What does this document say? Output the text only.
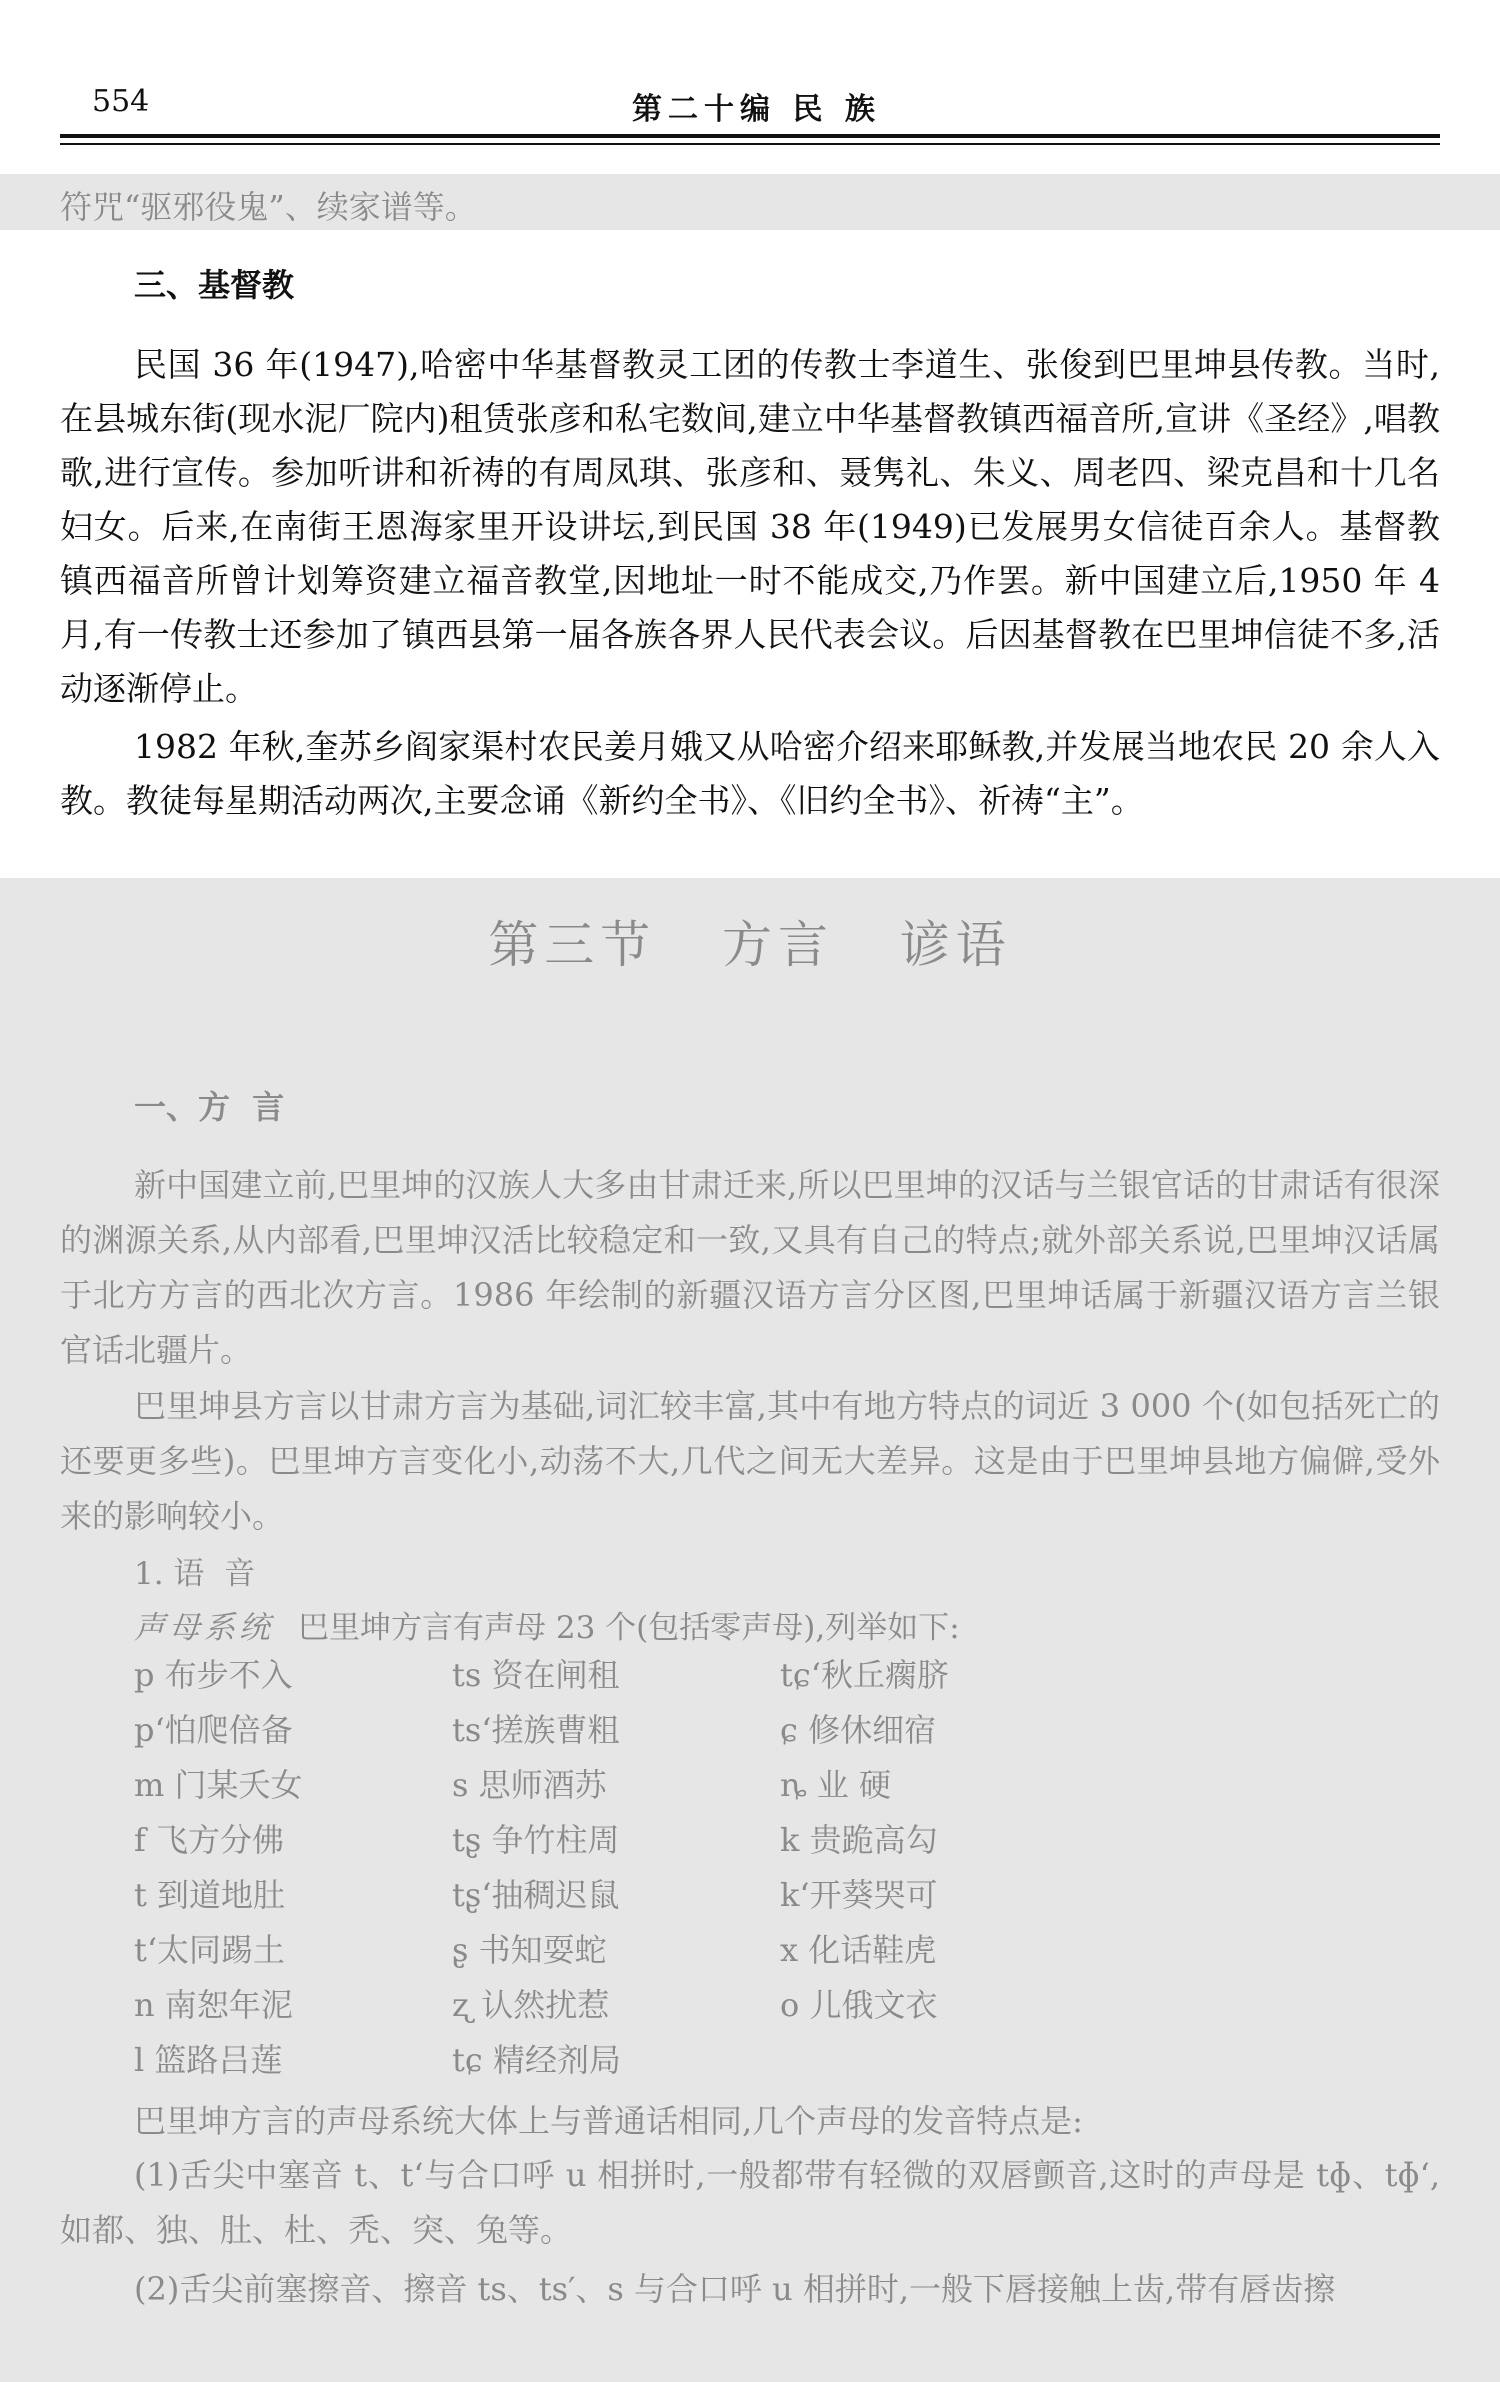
554	第二十编 民 族
符咒“驱邪役鬼”、续家谱等。
三、基督教

民国 36 年(1947),哈密中华基督教灵工团的传教士李道生、张俊到巴里坤县传教。当时,在县城东街(现水泥厂院内)租赁张彦和私宅数间,建立中华基督教镇西福音所,宣讲《圣经》,唱教歌,进行宣传。参加听讲和祈祷的有周凤琪、张彦和、聂隽礼、朱义、周老四、梁克昌和十几名妇女。后来,在南街王恩海家里开设讲坛,到民国 38 年(1949)已发展男女信徒百余人。基督教镇西福音所曾计划筹资建立福音教堂,因地址一时不能成交,乃作罢。新中国建立后,1950 年 4 月,有一传教士还参加了镇西县第一届各族各界人民代表会议。后因基督教在巴里坤信徒不多,活动逐渐停止。

1982 年秋,奎苏乡阎家渠村农民姜月娥又从哈密介绍来耶稣教,并发展当地农民 20 余人入教。教徒每星期活动两次,主要念诵《新约全书》、《旧约全书》、祈祷“主”。

第三节   方言   谚语
一、方  言

新中国建立前,巴里坤的汉族人大多由甘肃迁来,所以巴里坤的汉话与兰银官话的甘肃话有很深的渊源关系,从内部看,巴里坤汉活比较稳定和一致,又具有自己的特点;就外部关系说,巴里坤汉话属于北方方言的西北次方言。1986 年绘制的新疆汉语方言分区图,巴里坤话属于新疆汉语方言兰银官话北疆片。

巴里坤县方言以甘肃方言为基础,词汇较丰富,其中有地方特点的词近 3 000 个(如包括死亡的还要更多些)。巴里坤方言变化小,动荡不大,几代之间无大差异。这是由于巴里坤县地方偏僻,受外来的影响较小。

1. 语  音
声母系统 巴里坤方言有声母 23 个(包括零声母),列举如下:
p 布步不入	ts 资在闸租	tɕ‘秋丘瘸脐
p‘怕爬倍备	ts‘搓族曹粗	ɕ 修休细宿
m 门某夭女	s 思师酒苏	ȵ 业 硬
f 飞方分佛	tʂ 争竹柱周	k 贵跪高勾
t 到道地肚	tʂ‘抽稠迟鼠	k‘开葵哭可
t‘太同踢土	ʂ 书知耍蛇	x 化话鞋虎
n 南恕年泥	ʐ 认然扰惹	o 儿俄文衣
l 篮路吕莲	tɕ 精经剂局
巴里坤方言的声母系统大体上与普通话相同,几个声母的发音特点是:

(1)舌尖中塞音 t、t‘与合口呼 u 相拼时,一般都带有轻微的双唇颤音,这时的声母是 tɸ、tɸ‘,如都、独、肚、杜、秃、突、兔等。

(2)舌尖前塞擦音、擦音 ts、ts′、s 与合口呼 u 相拼时,一般下唇接触上齿,带有唇齿擦
